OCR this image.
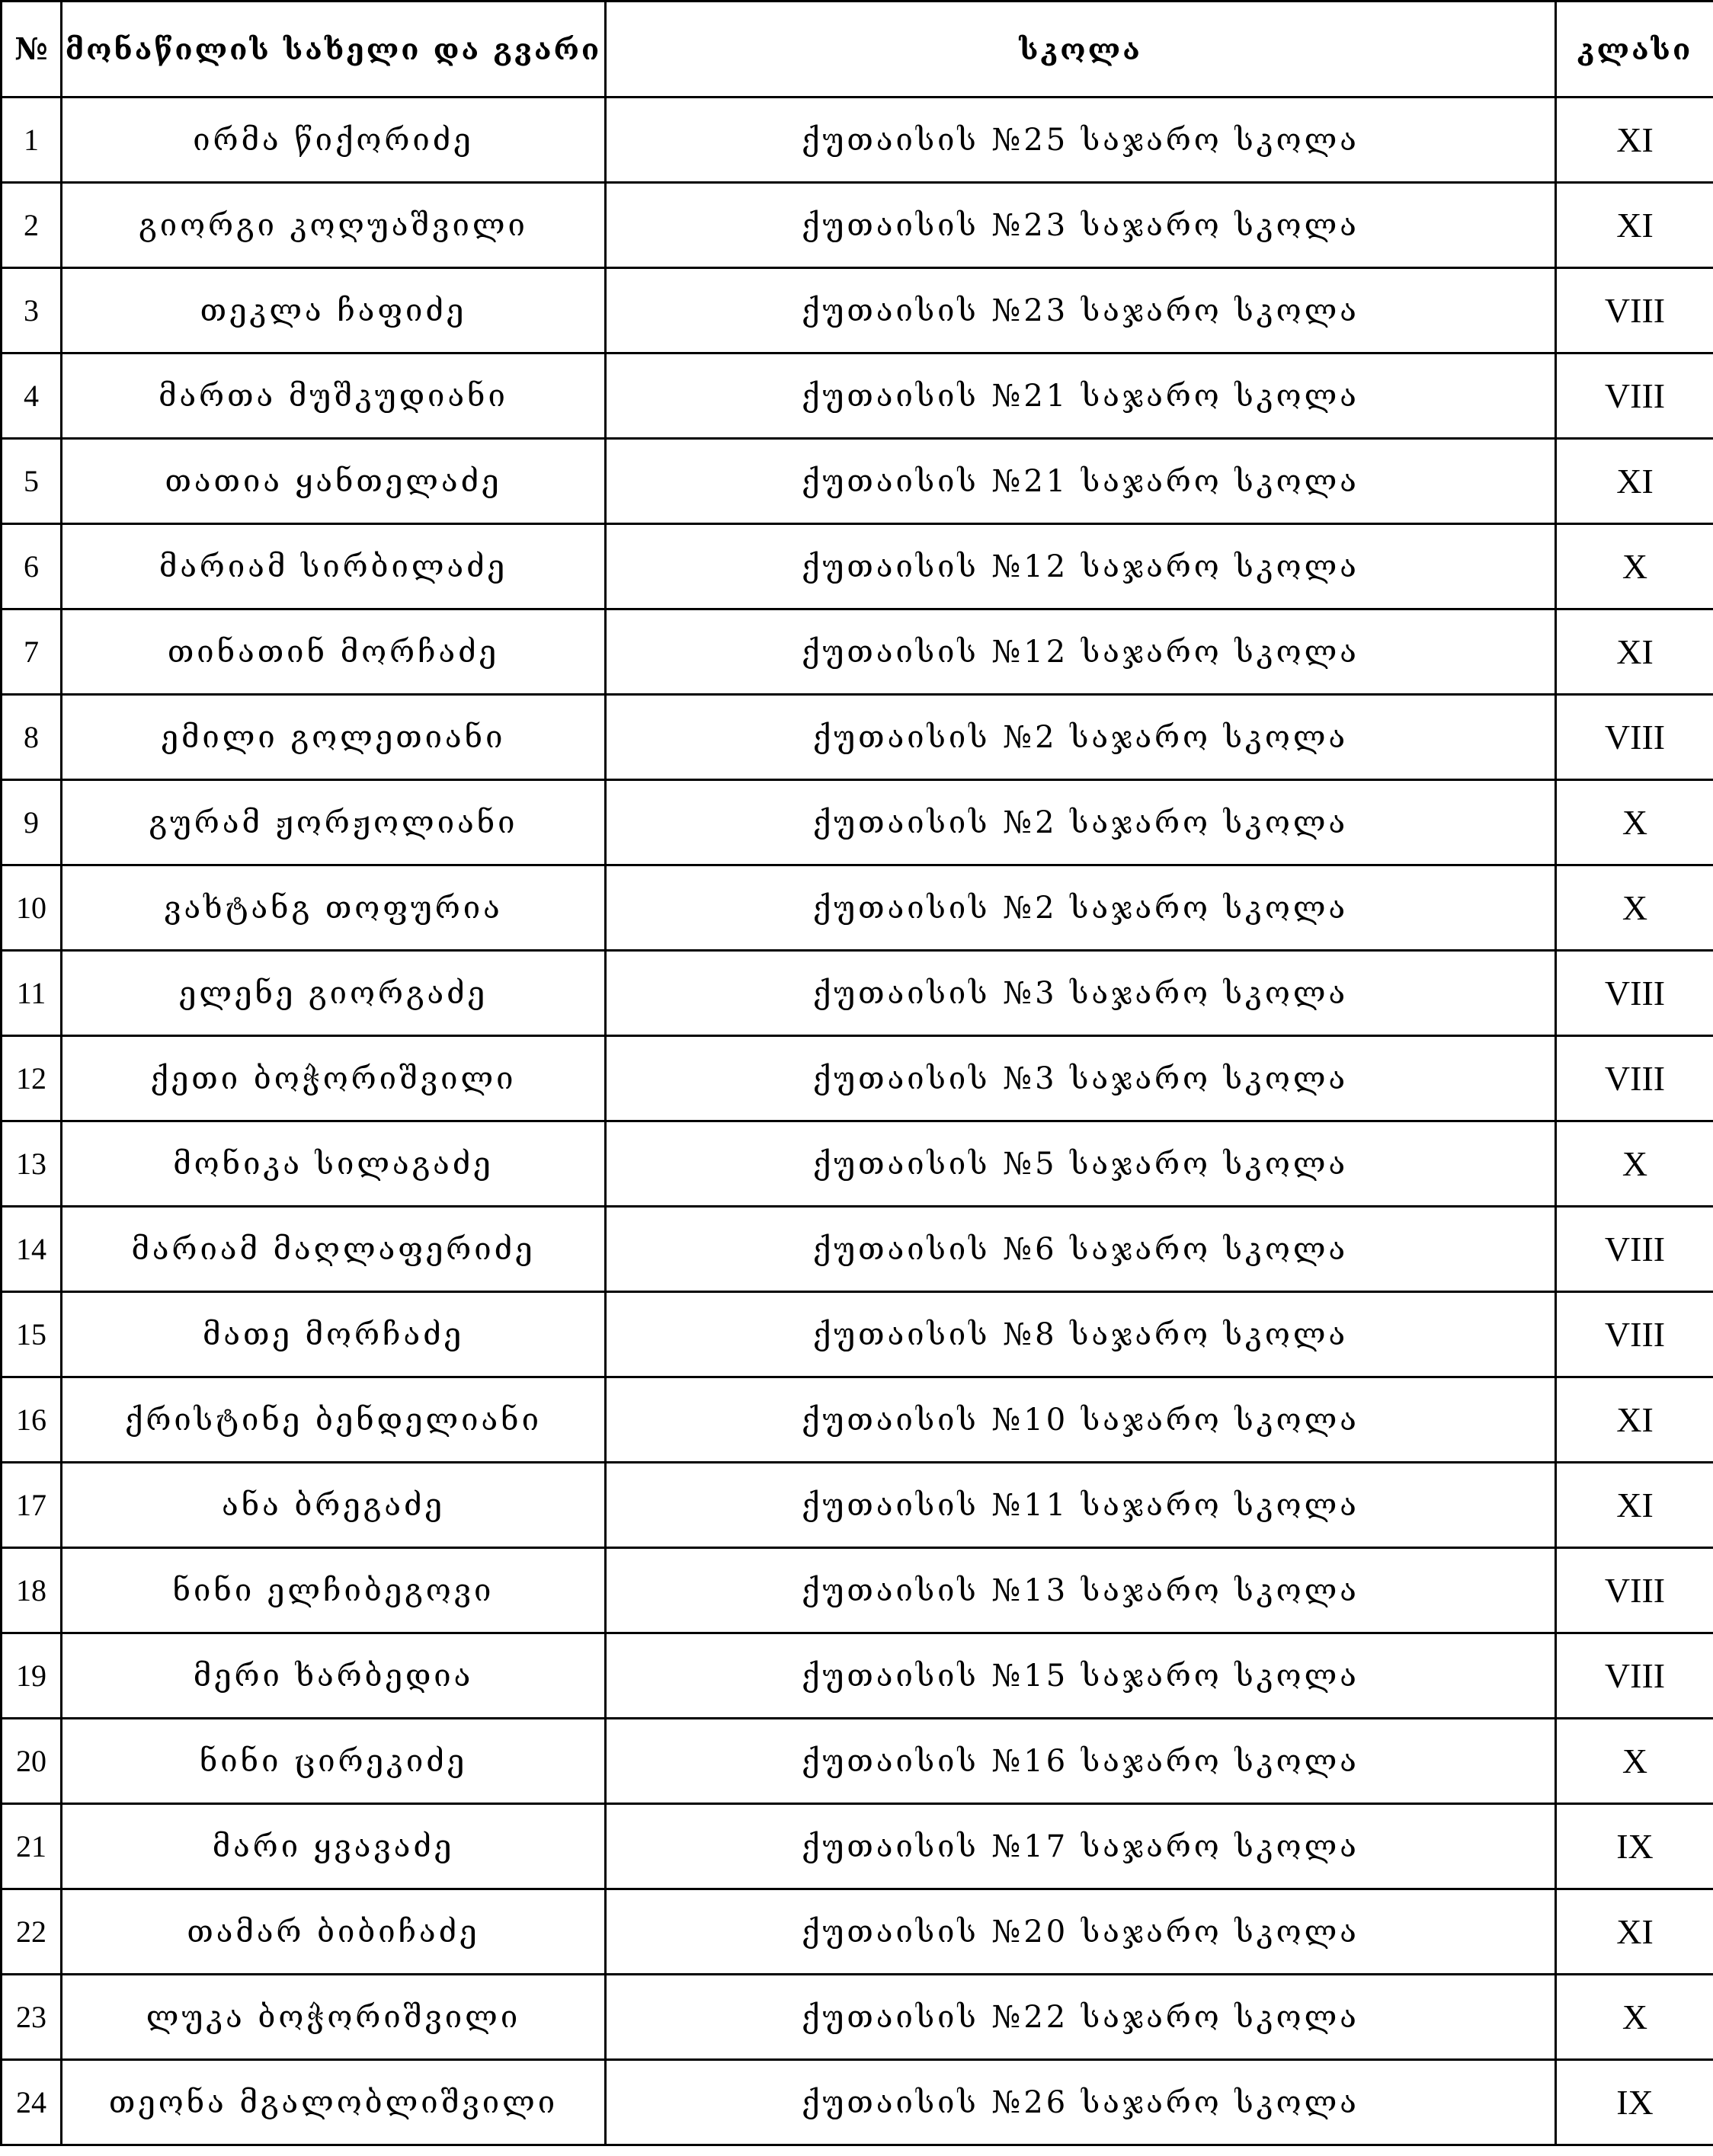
№	მონაწილის სახელი და გვარი	სკოლა	კლასი
1	ირმა წიქორიძე	ქუთაისის №25 საჯარო სკოლა	XI
2	გიორგი კოღუაშვილი	ქუთაისის №23 საჯარო სკოლა	XI
3	თეკლა ჩაფიძე	ქუთაისის №23 საჯარო სკოლა	VIII
4	მართა მუშკუდიანი	ქუთაისის №21 საჯარო სკოლა	VIII
5	თათია ყანთელაძე	ქუთაისის №21 საჯარო სკოლა	XI
6	მარიამ სირბილაძე	ქუთაისის №12 საჯარო სკოლა	X
7	თინათინ მორჩაძე	ქუთაისის №12 საჯარო სკოლა	XI
8	ემილი გოლეთიანი	ქუთაისის №2 საჯარო სკოლა	VIII
9	გურამ ჟორჟოლიანი	ქუთაისის №2 საჯარო სკოლა	X
10	ვახტანგ თოფურია	ქუთაისის №2 საჯარო სკოლა	X
11	ელენე გიორგაძე	ქუთაისის №3 საჯარო სკოლა	VIII
12	ქეთი ბოჭორიშვილი	ქუთაისის №3 საჯარო სკოლა	VIII
13	მონიკა სილაგაძე	ქუთაისის №5 საჯარო სკოლა	X
14	მარიამ მაღლაფერიძე	ქუთაისის №6 საჯარო სკოლა	VIII
15	მათე მორჩაძე	ქუთაისის №8 საჯარო სკოლა	VIII
16	ქრისტინე ბენდელიანი	ქუთაისის №10 საჯარო სკოლა	XI
17	ანა ბრეგაძე	ქუთაისის №11 საჯარო სკოლა	XI
18	ნინი ელჩიბეგოვი	ქუთაისის №13 საჯარო სკოლა	VIII
19	მერი ხარბედია	ქუთაისის №15 საჯარო სკოლა	VIII
20	ნინი ცირეკიძე	ქუთაისის №16 საჯარო სკოლა	X
21	მარი ყვავაძე	ქუთაისის №17 საჯარო სკოლა	IX
22	თამარ ბიბიჩაძე	ქუთაისის №20 საჯარო სკოლა	XI
23	ლუკა ბოჭორიშვილი	ქუთაისის №22 საჯარო სკოლა	X
24	თეონა მგალობლიშვილი	ქუთაისის №26 საჯარო სკოლა	IX
